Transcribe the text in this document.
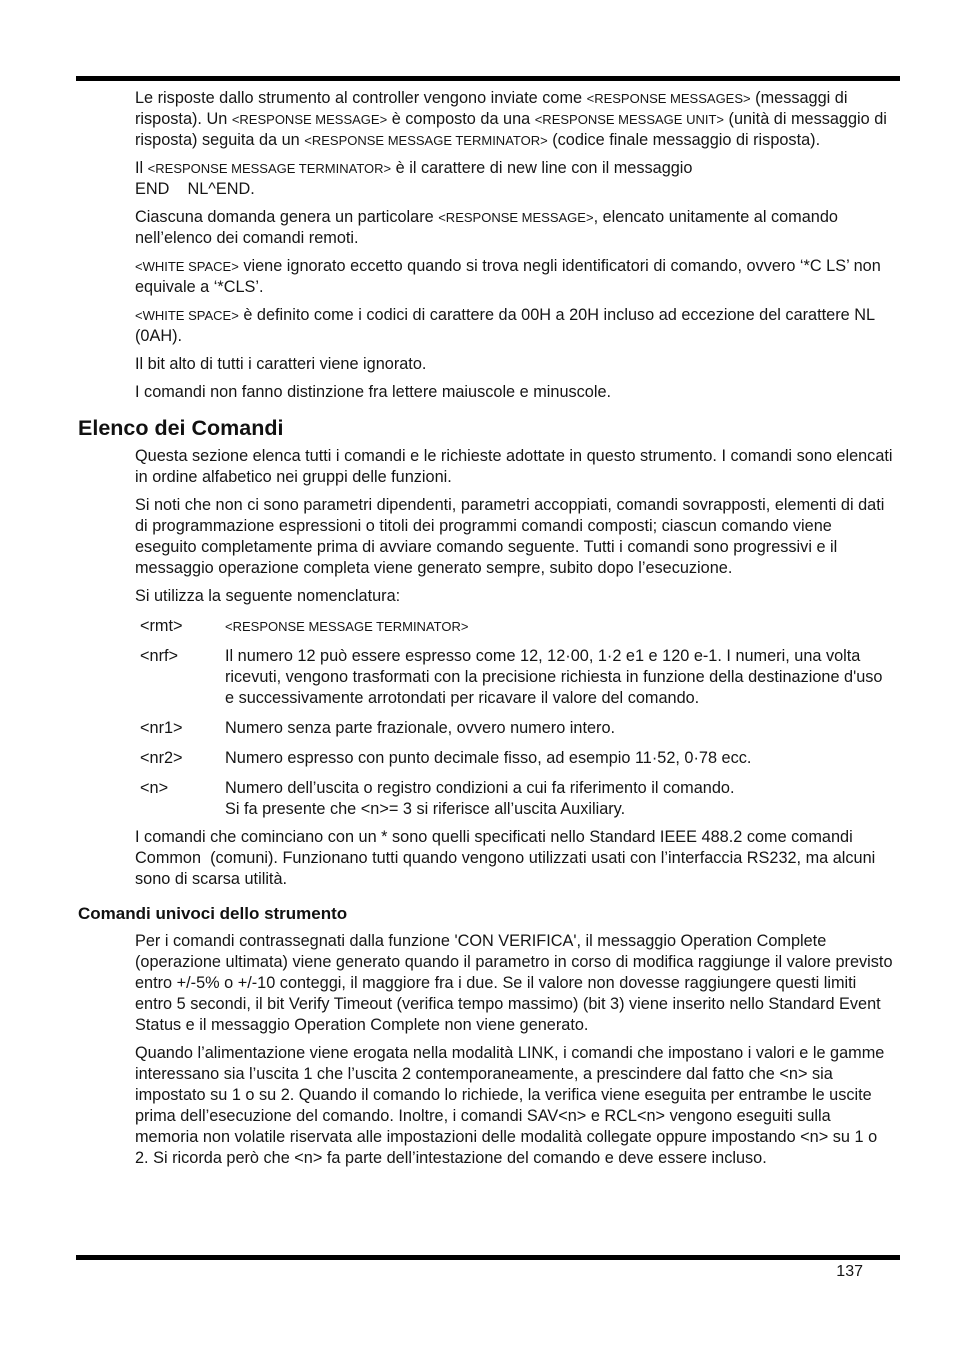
Le risposte dallo strumento al controller vengono inviate come <RESPONSE MESSAGES> (messaggi di risposta). Un <RESPONSE MESSAGE> è composto da una <RESPONSE MESSAGE UNIT> (unità di messaggio di risposta) seguita da un <RESPONSE MESSAGE TERMINATOR> (codice finale messaggio di risposta).

Il <RESPONSE MESSAGE TERMINATOR> è il carattere di new line con il messaggio
END    NL^END.

Ciascuna domanda genera un particolare <RESPONSE MESSAGE>, elencato unitamente al comando nell’elenco dei comandi remoti.

<WHITE SPACE> viene ignorato eccetto quando si trova negli identificatori di comando, ovvero ‘*C LS’ non equivale a ‘*CLS’.

<WHITE SPACE> è definito come i codici di carattere da 00H a 20H incluso ad eccezione del carattere NL (0AH).

Il bit alto di tutti i caratteri viene ignorato.

I comandi non fanno distinzione fra lettere maiuscole e minuscole.

Elenco dei Comandi

Questa sezione elenca tutti i comandi e le richieste adottate in questo strumento. I comandi sono elencati in ordine alfabetico nei gruppi delle funzioni.

Si noti che non ci sono parametri dipendenti, parametri accoppiati, comandi sovrapposti, elementi di dati di programmazione espressioni o titoli dei programmi comandi composti; ciascun comando viene eseguito completamente prima di avviare comando seguente. Tutti i comandi sono progressivi e il messaggio operazione completa viene generato sempre, subito dopo l’esecuzione.

Si utilizza la seguente nomenclatura:

<rmt>	<RESPONSE MESSAGE TERMINATOR>
<nrf>	Il numero 12 può essere espresso come 12, 12·00, 1·2 e1 e 120 e-1. I numeri, una volta ricevuti, vengono trasformati con la precisione richiesta in funzione della destinazione d'uso e successivamente arrotondati per ricavare il valore del comando.
<nr1>	Numero senza parte frazionale, ovvero numero intero.
<nr2>	Numero espresso con punto decimale fisso, ad esempio 11·52, 0·78 ecc.
<n>	Numero dell’uscita o registro condizioni a cui fa riferimento il comando.
Si fa presente che <n>= 3 si riferisce all’uscita Auxiliary.

I comandi che cominciano con un * sono quelli specificati nello Standard IEEE 488.2 come comandi Common  (comuni). Funzionano tutti quando vengono utilizzati usati con l’interfaccia RS232, ma alcuni sono di scarsa utilità.

Comandi univoci dello strumento

Per i comandi contrassegnati dalla funzione 'CON VERIFICA', il messaggio Operation Complete (operazione ultimata) viene generato quando il parametro in corso di modifica raggiunge il valore previsto entro +/-5% o +/-10 conteggi, il maggiore fra i due. Se il valore non dovesse raggiungere questi limiti entro 5 secondi, il bit Verify Timeout (verifica tempo massimo) (bit 3) viene inserito nello Standard Event Status e il messaggio Operation Complete non viene generato.

Quando l’alimentazione viene erogata nella modalità LINK, i comandi che impostano i valori e le gamme interessano sia l’uscita 1 che l’uscita 2 contemporaneamente, a prescindere dal fatto che <n> sia impostato su 1 o su 2. Quando il comando lo richiede, la verifica viene eseguita per entrambe le uscite prima dell’esecuzione del comando. Inoltre, i comandi SAV<n> e RCL<n> vengono eseguiti sulla memoria non volatile riservata alle impostazioni delle modalità collegate oppure impostando <n> su 1 o 2. Si ricorda però che <n> fa parte dell’intestazione del comando e deve essere incluso.

137
